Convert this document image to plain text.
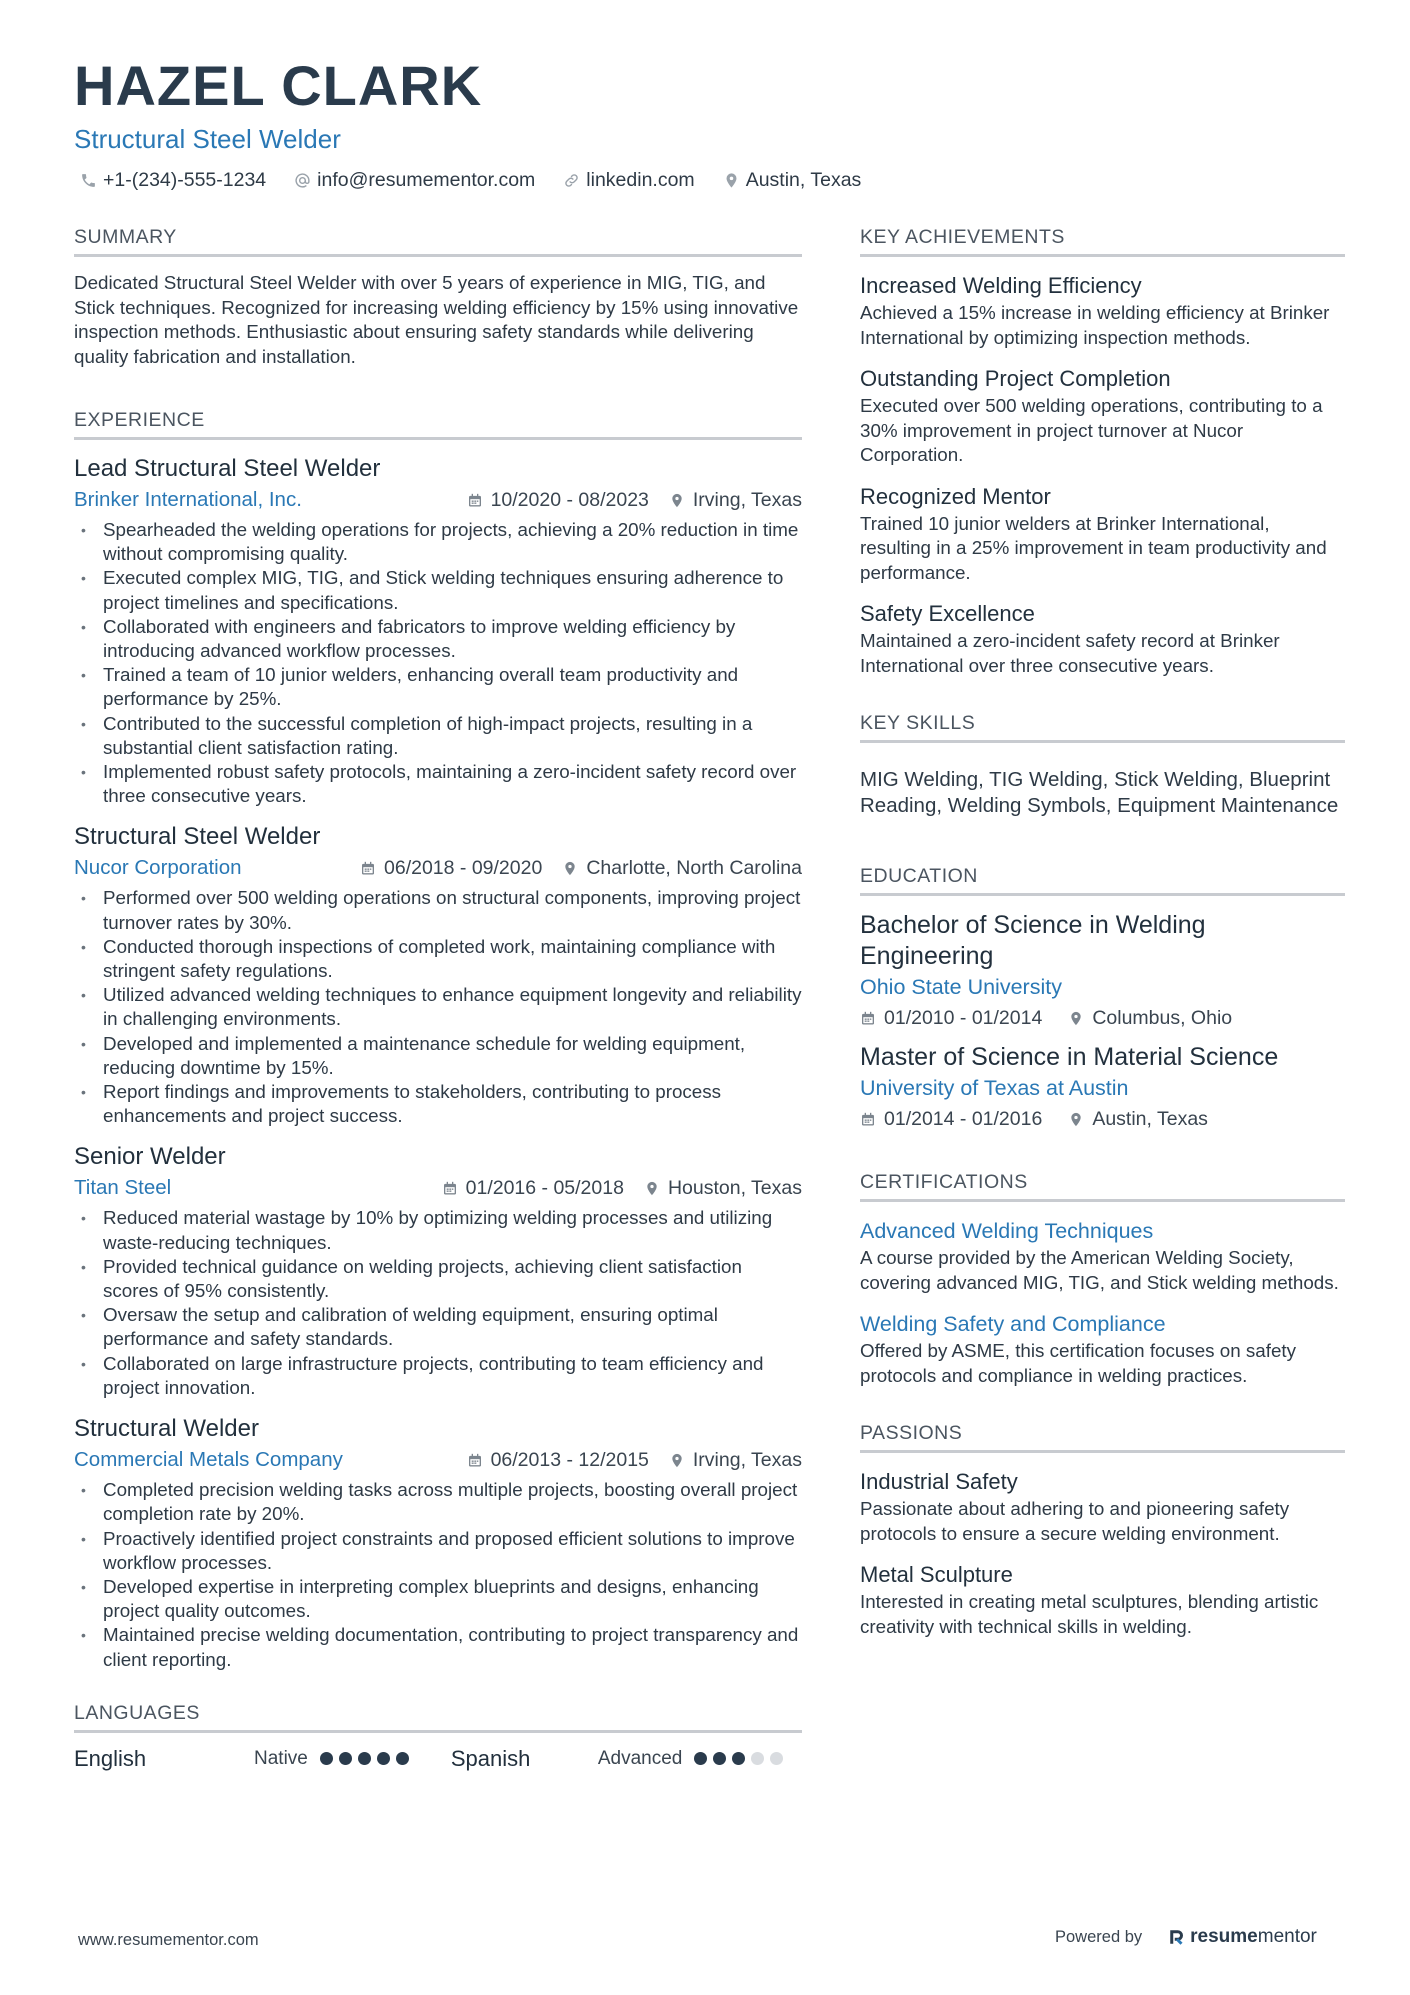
HAZEL CLARK
Structural Steel Welder
+1-(234)-555-1234	info@resumementor.com	linkedin.com	Austin, Texas
SUMMARY
Dedicated Structural Steel Welder with over 5 years of experience in MIG, TIG, and Stick techniques. Recognized for increasing welding efficiency by 15% using innovative inspection methods. Enthusiastic about ensuring safety standards while delivering quality fabrication and installation.
EXPERIENCE
Lead Structural Steel Welder
Brinker International, Inc.	10/2020 - 08/2023 Irving, Texas
• Spearheaded the welding operations for projects, achieving a 20% reduction in time without compromising quality.
• Executed complex MIG, TIG, and Stick welding techniques ensuring adherence to project timelines and specifications.
• Collaborated with engineers and fabricators to improve welding efficiency by introducing advanced workflow processes.
• Trained a team of 10 junior welders, enhancing overall team productivity and performance by 25%.
• Contributed to the successful completion of high-impact projects, resulting in a substantial client satisfaction rating.
• Implemented robust safety protocols, maintaining a zero-incident safety record over three consecutive years.
Structural Steel Welder
Nucor Corporation	06/2018 - 09/2020 Charlotte, North Carolina
• Performed over 500 welding operations on structural components, improving project turnover rates by 30%.
• Conducted thorough inspections of completed work, maintaining compliance with stringent safety regulations.
• Utilized advanced welding techniques to enhance equipment longevity and reliability in challenging environments.
• Developed and implemented a maintenance schedule for welding equipment, reducing downtime by 15%.
• Report findings and improvements to stakeholders, contributing to process enhancements and project success.
Senior Welder
Titan Steel	01/2016 - 05/2018 Houston, Texas
• Reduced material wastage by 10% by optimizing welding processes and utilizing waste-reducing techniques.
• Provided technical guidance on welding projects, achieving client satisfaction scores of 95% consistently.
• Oversaw the setup and calibration of welding equipment, ensuring optimal performance and safety standards.
• Collaborated on large infrastructure projects, contributing to team efficiency and project innovation.
Structural Welder
Commercial Metals Company	06/2013 - 12/2015 Irving, Texas
• Completed precision welding tasks across multiple projects, boosting overall project completion rate by 20%.
• Proactively identified project constraints and proposed efficient solutions to improve workflow processes.
• Developed expertise in interpreting complex blueprints and designs, enhancing project quality outcomes.
• Maintained precise welding documentation, contributing to project transparency and client reporting.
LANGUAGES
English	Native	Spanish	Advanced
KEY ACHIEVEMENTS
Increased Welding Efficiency
Achieved a 15% increase in welding efficiency at Brinker International by optimizing inspection methods.
Outstanding Project Completion
Executed over 500 welding operations, contributing to a 30% improvement in project turnover at Nucor Corporation.
Recognized Mentor
Trained 10 junior welders at Brinker International, resulting in a 25% improvement in team productivity and performance.
Safety Excellence
Maintained a zero-incident safety record at Brinker International over three consecutive years.
KEY SKILLS
MIG Welding, TIG Welding, Stick Welding, Blueprint Reading, Welding Symbols, Equipment Maintenance
EDUCATION
Bachelor of Science in Welding Engineering
Ohio State University
01/2010 - 01/2014	Columbus, Ohio
Master of Science in Material Science
University of Texas at Austin
01/2014 - 01/2016	Austin, Texas
CERTIFICATIONS
Advanced Welding Techniques
A course provided by the American Welding Society, covering advanced MIG, TIG, and Stick welding methods.
Welding Safety and Compliance
Offered by ASME, this certification focuses on safety protocols and compliance in welding practices.
PASSIONS
Industrial Safety
Passionate about adhering to and pioneering safety protocols to ensure a secure welding environment.
Metal Sculpture
Interested in creating metal sculptures, blending artistic creativity with technical skills in welding.
www.resumementor.com	Powered by	resume mentor
